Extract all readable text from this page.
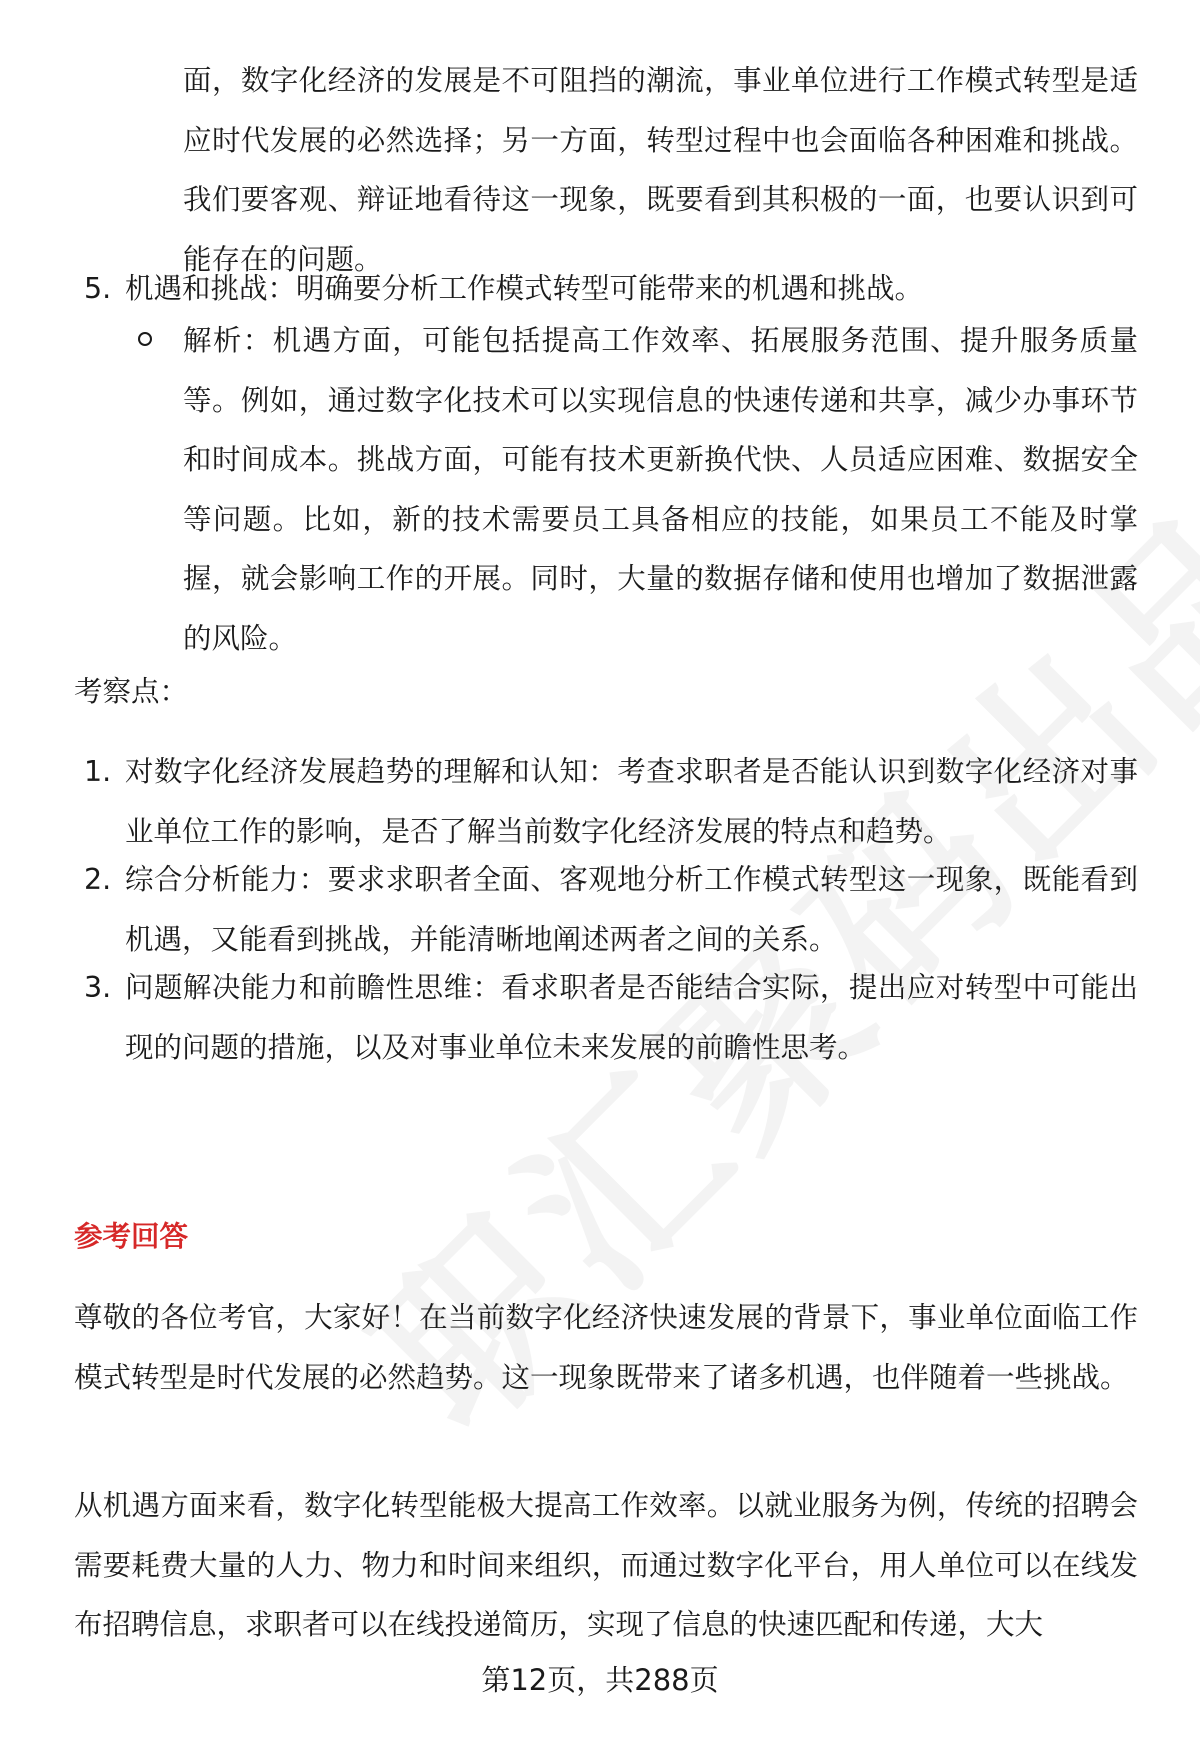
面，数字化经济的发展是不可阻挡的潮流，事业单位进行工作模式转型是适应时代发展的必然选择；另一方面，转型过程中也会面临各种困难和挑战。我们要客观、辩证地看待这一现象，既要看到其积极的一面，也要认识到可能存在的问题。

5. 机遇和挑战：明确要分析工作模式转型可能带来的机遇和挑战。

解析：机遇方面，可能包括提高工作效率、拓展服务范围、提升服务质量等。例如，通过数字化技术可以实现信息的快速传递和共享，减少办事环节和时间成本。挑战方面，可能有技术更新换代快、人员适应困难、数据安全等问题。比如，新的技术需要员工具备相应的技能，如果员工不能及时掌握，就会影响工作的开展。同时，大量的数据存储和使用也增加了数据泄露的风险。

考察点：

1. 对数字化经济发展趋势的理解和认知：考查求职者是否能认识到数字化经济对事业单位工作的影响，是否了解当前数字化经济发展的特点和趋势。

2. 综合分析能力：要求求职者全面、客观地分析工作模式转型这一现象，既能看到机遇，又能看到挑战，并能清晰地阐述两者之间的关系。

3. 问题解决能力和前瞻性思维：看求职者是否能结合实际，提出应对转型中可能出现的问题的措施，以及对事业单位未来发展的前瞻性思考。

参考回答

尊敬的各位考官，大家好！在当前数字化经济快速发展的背景下，事业单位面临工作模式转型是时代发展的必然趋势。这一现象既带来了诸多机遇，也伴随着一些挑战。

从机遇方面来看，数字化转型能极大提高工作效率。以就业服务为例，传统的招聘会需要耗费大量的人力、物力和时间来组织，而通过数字化平台，用人单位可以在线发布招聘信息，求职者可以在线投递简历，实现了信息的快速匹配和传递，大大

第12页，共288页
